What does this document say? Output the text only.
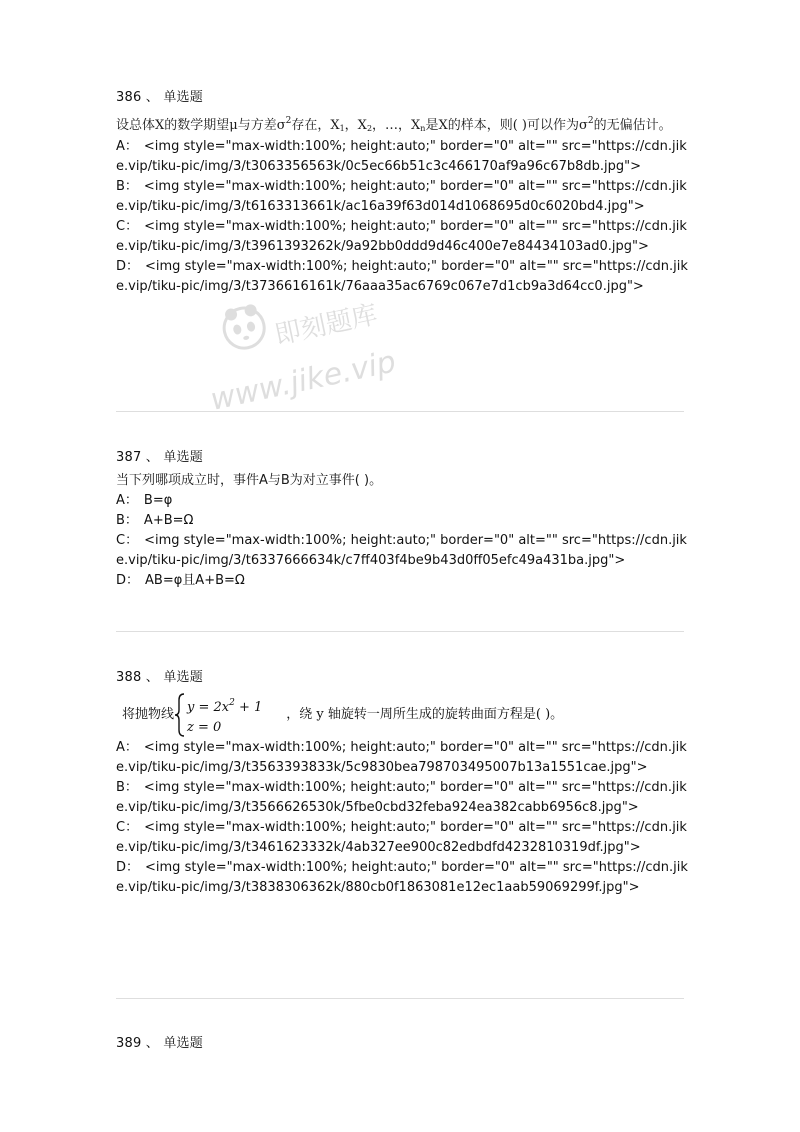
386 、 单选题
设总体X的数学期望μ与方差$\sigma^2$存在，$X_1$，$X_2$，…，$X_n$是X的样本，则( )可以作为$\sigma^2$的无偏估计。
A： <img style="max-width:100%; height:auto;" border="0" alt="" src="https://cdn.jike.vip/tiku-pic/img/3/t3063356563k/0c5ec66b51c3c466170af9a96c67b8db.jpg">
B： <img style="max-width:100%; height:auto;" border="0" alt="" src="https://cdn.jike.vip/tiku-pic/img/3/t6163313661k/ac16a39f63d014d1068695d0c6020bd4.jpg">
C： <img style="max-width:100%; height:auto;" border="0" alt="" src="https://cdn.jike.vip/tiku-pic/img/3/t3961393262k/9a92bb0ddd9d46c400e7e84434103ad0.jpg">
D： <img style="max-width:100%; height:auto;" border="0" alt="" src="https://cdn.jike.vip/tiku-pic/img/3/t3736616161k/76aaa35ac6769c067e7d1cb9a3d64cc0.jpg">
即刻题库
www.jike.vip
387 、 单选题
当下列哪项成立时，事件A与B为对立事件( )。
A： B=φ
B： A+B=Ω
C： <img style="max-width:100%; height:auto;" border="0" alt="" src="https://cdn.jike.vip/tiku-pic/img/3/t6337666634k/c7ff403f4be9b43d0ff05efc49a431ba.jpg">
D： AB=φ且A+B=Ω
388 、 单选题
将抛物线 $y = 2x^2 + 1$
z = 0
，绕 y 轴旋转一周所生成的旋转曲面方程是( )。
A： <img style="max-width:100%; height:auto;" border="0" alt="" src="https://cdn.jike.vip/tiku-pic/img/3/t3563393833k/5c9830bea798703495007b13a1551cae.jpg">
B： <img style="max-width:100%; height:auto;" border="0" alt="" src="https://cdn.jike.vip/tiku-pic/img/3/t3566626530k/5fbe0cbd32feba924ea382cabb6956c8.jpg">
C： <img style="max-width:100%; height:auto;" border="0" alt="" src="https://cdn.jike.vip/tiku-pic/img/3/t3461623332k/4ab327ee900c82edbdfd4232810319df.jpg">
D： <img style="max-width:100%; height:auto;" border="0" alt="" src="https://cdn.jike.vip/tiku-pic/img/3/t3838306362k/880cb0f1863081e12ec1aab59069299f.jpg">
389 、 单选题
